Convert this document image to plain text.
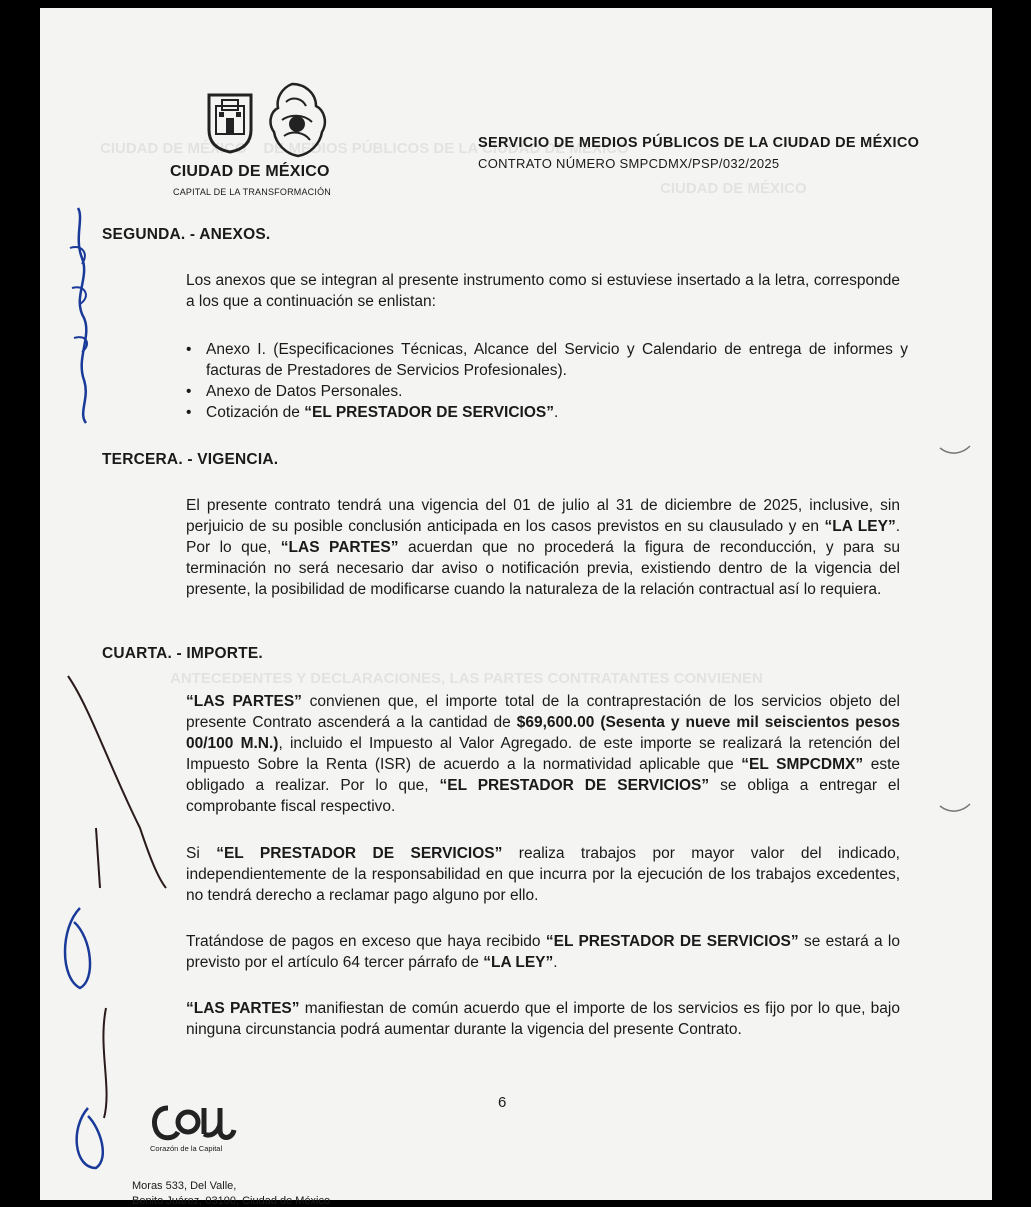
CIUDAD DE MÉXICO    DE MEDIOS PÚBLICOS DE LA CIUDAD DE MÉXICO
CIUDAD DE MÉXICO
ANTECEDENTES Y DECLARACIONES, LAS PARTES CONTRATANTES CONVIENEN
CIUDAD DE MÉXICO
CAPITAL DE LA TRANSFORMACIÓN
SERVICIO DE MEDIOS PÚBLICOS DE LA CIUDAD DE MÉXICO
CONTRATO NÚMERO SMPCDMX/PSP/032/2025
SEGUNDA. - ANEXOS.
Los anexos que se integran al presente instrumento como si estuviese insertado a la letra, corresponde a los que a continuación se enlistan:
• Anexo I. (Especificaciones Técnicas, Alcance del Servicio y Calendario de entrega de informes y facturas de Prestadores de Servicios Profesionales).
• Anexo de Datos Personales.
• Cotización de “EL PRESTADOR DE SERVICIOS”.
TERCERA. - VIGENCIA.
El presente contrato tendrá una vigencia del 01 de julio al 31 de diciembre de 2025, inclusive, sin perjuicio de su posible conclusión anticipada en los casos previstos en su clausulado y en “LA LEY”. Por lo que, “LAS PARTES” acuerdan que no procederá la figura de reconducción, y para su terminación no será necesario dar aviso o notificación previa, existiendo dentro de la vigencia del presente, la posibilidad de modificarse cuando la naturaleza de la relación contractual así lo requiera.
CUARTA. - IMPORTE.
“LAS PARTES” convienen que, el importe total de la contraprestación de los servicios objeto del presente Contrato ascenderá a la cantidad de $69,600.00 (Sesenta y nueve mil seiscientos pesos 00/100 M.N.), incluido el Impuesto al Valor Agregado. de este importe se realizará la retención del Impuesto Sobre la Renta (ISR) de acuerdo a la normatividad aplicable que “EL SMPCDMX” este obligado a realizar. Por lo que, “EL PRESTADOR DE SERVICIOS” se obliga a entregar el comprobante fiscal respectivo.
Si “EL PRESTADOR DE SERVICIOS” realiza trabajos por mayor valor del indicado, independientemente de la responsabilidad en que incurra por la ejecución de los trabajos excedentes, no tendrá derecho a reclamar pago alguno por ello.
Tratándose de pagos en exceso que haya recibido “EL PRESTADOR DE SERVICIOS” se estará a lo previsto por el artículo 64 tercer párrafo de “LA LEY”.
“LAS PARTES” manifiestan de común acuerdo que el importe de los servicios es fijo por lo que, bajo ninguna circunstancia podrá aumentar durante la vigencia del presente Contrato.
6
Corazón de la Capital
Moras 533, Del Valle,
Benito Juárez, 03100, Ciudad de México
